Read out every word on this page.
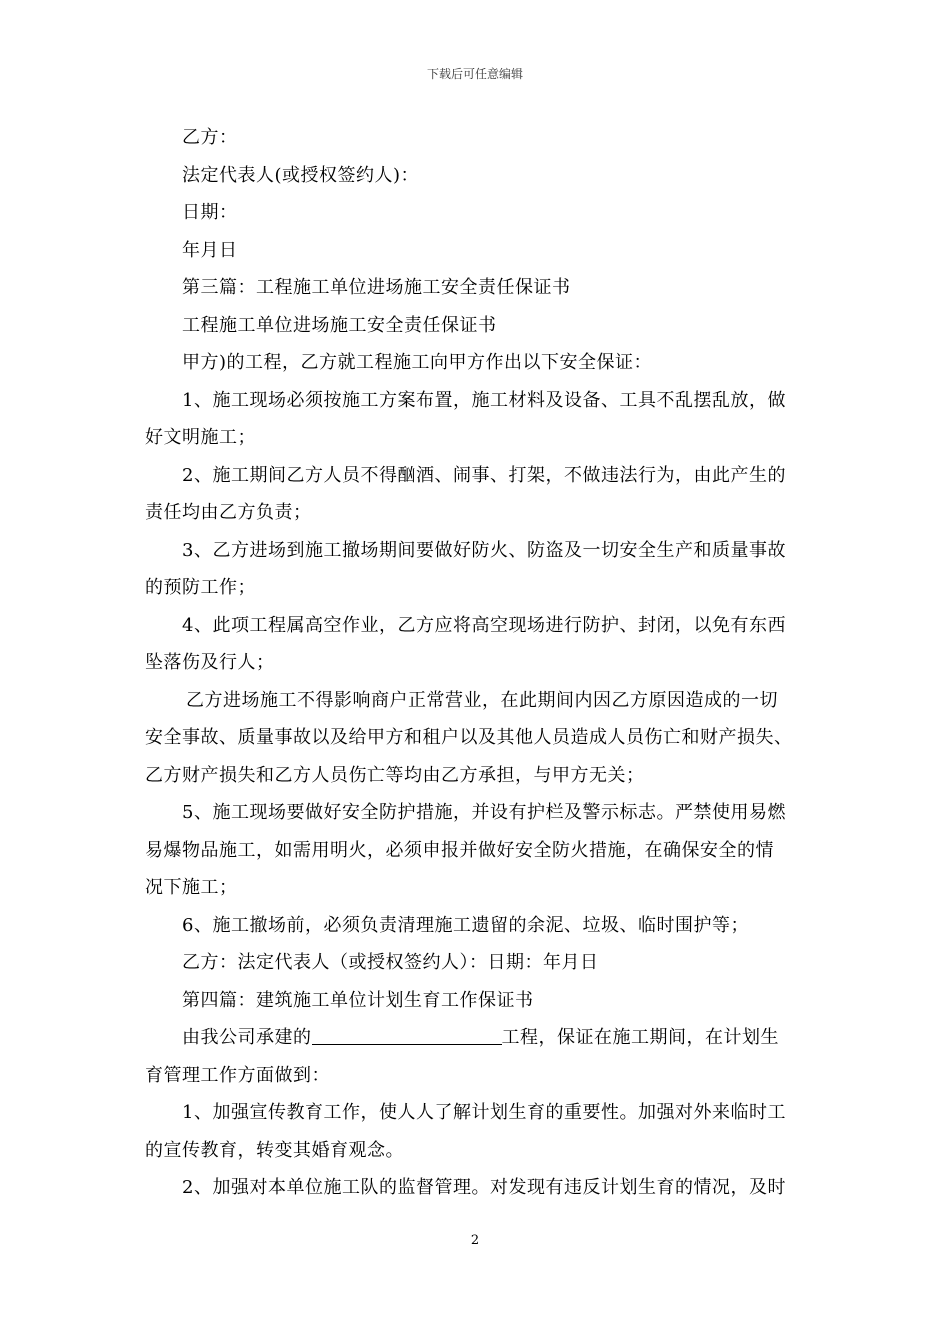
下载后可任意编辑
乙方：
法定代表人(或授权签约人)：
日期：
年月日
第三篇：工程施工单位进场施工安全责任保证书
工程施工单位进场施工安全责任保证书
甲方)的工程，乙方就工程施工向甲方作出以下安全保证：
1、施工现场必须按施工方案布置，施工材料及设备、工具不乱摆乱放，做
好文明施工；
2、施工期间乙方人员不得酗酒、闹事、打架，不做违法行为，由此产生的
责任均由乙方负责；
3、乙方进场到施工撤场期间要做好防火、防盗及一切安全生产和质量事故
的预防工作；
4、此项工程属高空作业，乙方应将高空现场进行防护、封闭，以免有东西
坠落伤及行人；
乙方进场施工不得影响商户正常营业，在此期间内因乙方原因造成的一切
安全事故、质量事故以及给甲方和租户以及其他人员造成人员伤亡和财产损失、
乙方财产损失和乙方人员伤亡等均由乙方承担，与甲方无关；
5、施工现场要做好安全防护措施，并设有护栏及警示标志。严禁使用易燃
易爆物品施工，如需用明火，必须申报并做好安全防火措施，在确保安全的情
况下施工；
6、施工撤场前，必须负责清理施工遗留的余泥、垃圾、临时围护等；
乙方：法定代表人（或授权签约人）：日期：年月日
第四篇：建筑施工单位计划生育工作保证书
由我公司承建的	工程，保证在施工期间，在计划生
育管理工作方面做到：
1、加强宣传教育工作，使人人了解计划生育的重要性。加强对外来临时工
的宣传教育，转变其婚育观念。
2、加强对本单位施工队的监督管理。对发现有违反计划生育的情况，及时
2
